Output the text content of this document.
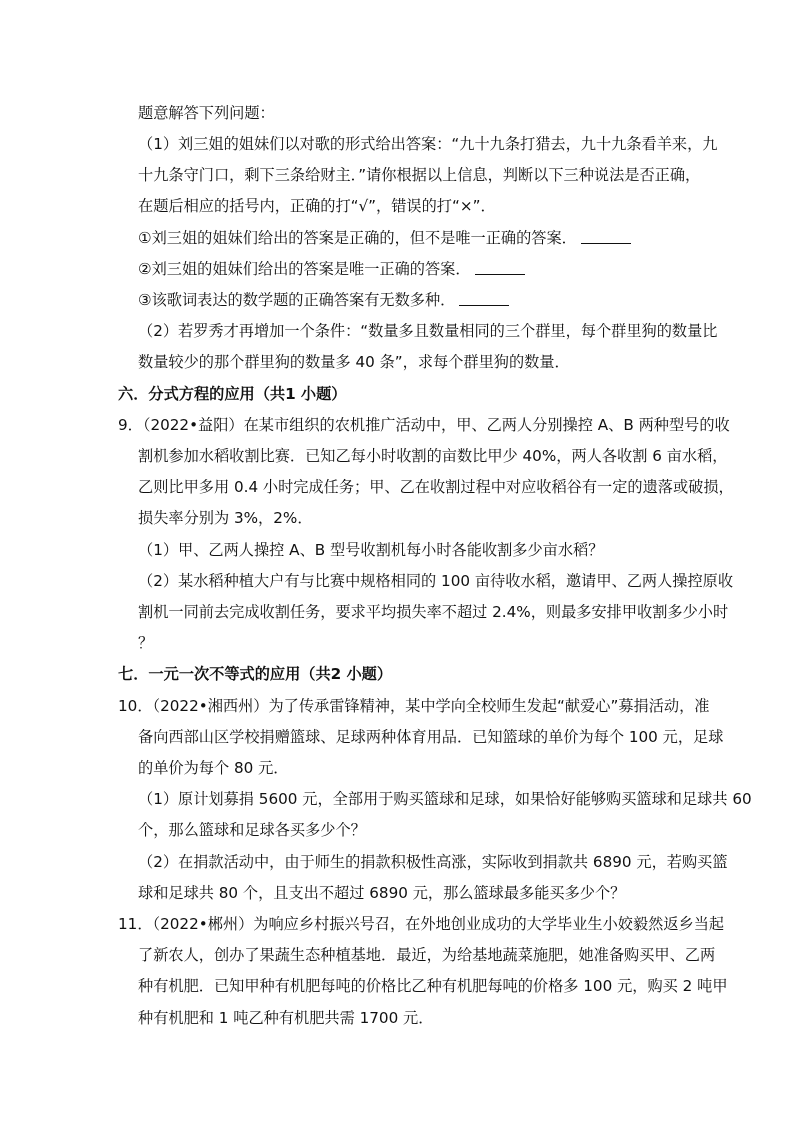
题意解答下列问题：
（1）刘三姐的姐妹们以对歌的形式给出答案：“九十九条打猎去，九十九条看羊来，九
十九条守门口，剩下三条给财主．”请你根据以上信息，判断以下三种说法是否正确，
在题后相应的括号内，正确的打“√”，错误的打“×”．
①刘三姐的姐妹们给出的答案是正确的，但不是唯一正确的答案．
②刘三姐的姐妹们给出的答案是唯一正确的答案．
③该歌词表达的数学题的正确答案有无数多种．
（2）若罗秀才再增加一个条件：“数量多且数量相同的三个群里，每个群里狗的数量比
数量较少的那个群里狗的数量多 40 条”，求每个群里狗的数量．
六．分式方程的应用（共1 小题）
9．（2022•益阳）在某市组织的农机推广活动中，甲、乙两人分别操控 A、B 两种型号的收
割机参加水稻收割比赛．已知乙每小时收割的亩数比甲少 40%，两人各收割 6 亩水稻，
乙则比甲多用 0.4 小时完成任务；甲、乙在收割过程中对应收稻谷有一定的遗落或破损，
损失率分别为 3%，2%．
（1）甲、乙两人操控 A、B 型号收割机每小时各能收割多少亩水稻？
（2）某水稻种植大户有与比赛中规格相同的 100 亩待收水稻，邀请甲、乙两人操控原收
割机一同前去完成收割任务，要求平均损失率不超过 2.4%，则最多安排甲收割多少小时
？
七．一元一次不等式的应用（共2 小题）
10．（2022•湘西州）为了传承雷锋精神，某中学向全校师生发起“献爱心”募捐活动，准
备向西部山区学校捐赠篮球、足球两种体育用品．已知篮球的单价为每个 100 元，足球
的单价为每个 80 元．
（1）原计划募捐 5600 元，全部用于购买篮球和足球，如果恰好能够购买篮球和足球共 60
个，那么篮球和足球各买多少个？
（2）在捐款活动中，由于师生的捐款积极性高涨，实际收到捐款共 6890 元，若购买篮
球和足球共 80 个，且支出不超过 6890 元，那么篮球最多能买多少个？
11．（2022•郴州）为响应乡村振兴号召，在外地创业成功的大学毕业生小姣毅然返乡当起
了新农人，创办了果蔬生态种植基地．最近，为给基地蔬菜施肥，她准备购买甲、乙两
种有机肥．已知甲种有机肥每吨的价格比乙种有机肥每吨的价格多 100 元，购买 2 吨甲
种有机肥和 1 吨乙种有机肥共需 1700 元．
